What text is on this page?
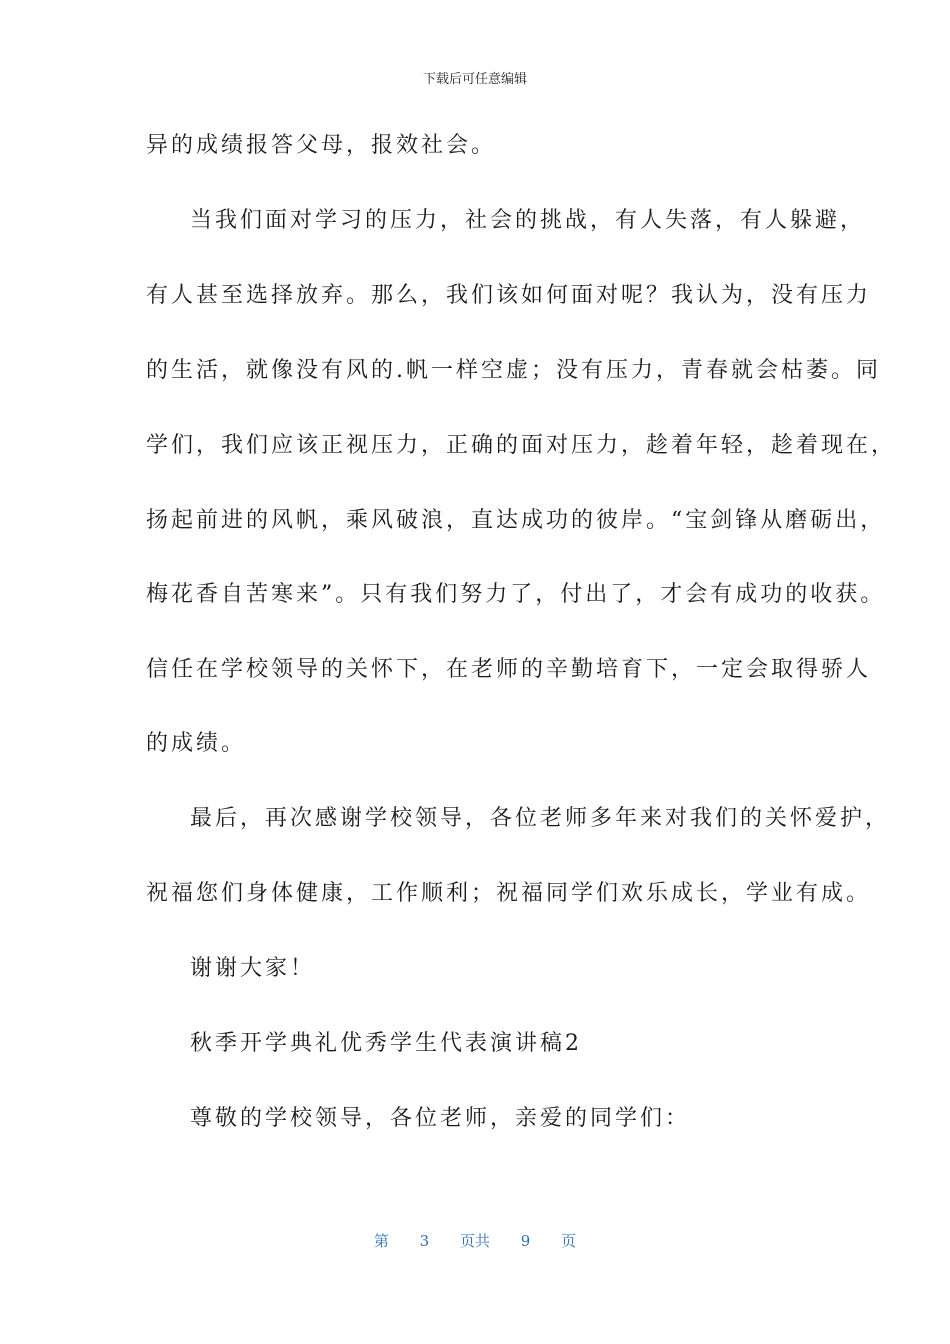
下载后可任意编辑
异的成绩报答父母，报效社会。
当我们面对学习的压力，社会的挑战，有人失落，有人躲避，
有人甚至选择放弃。那么，我们该如何面对呢？我认为，没有压力
的生活，就像没有风的.帆一样空虚；没有压力，青春就会枯萎。同
学们，我们应该正视压力，正确的面对压力，趁着年轻，趁着现在，
扬起前进的风帆，乘风破浪，直达成功的彼岸。“宝剑锋从磨砺出，
梅花香自苦寒来”。只有我们努力了，付出了，才会有成功的收获。
信任在学校领导的关怀下，在老师的辛勤培育下，一定会取得骄人
的成绩。
最后，再次感谢学校领导，各位老师多年来对我们的关怀爱护，
祝福您们身体健康，工作顺利；祝福同学们欢乐成长，学业有成。
谢谢大家！
秋季开学典礼优秀学生代表演讲稿2
尊敬的学校领导，各位老师，亲爱的同学们：
第 3 页共 9 页
